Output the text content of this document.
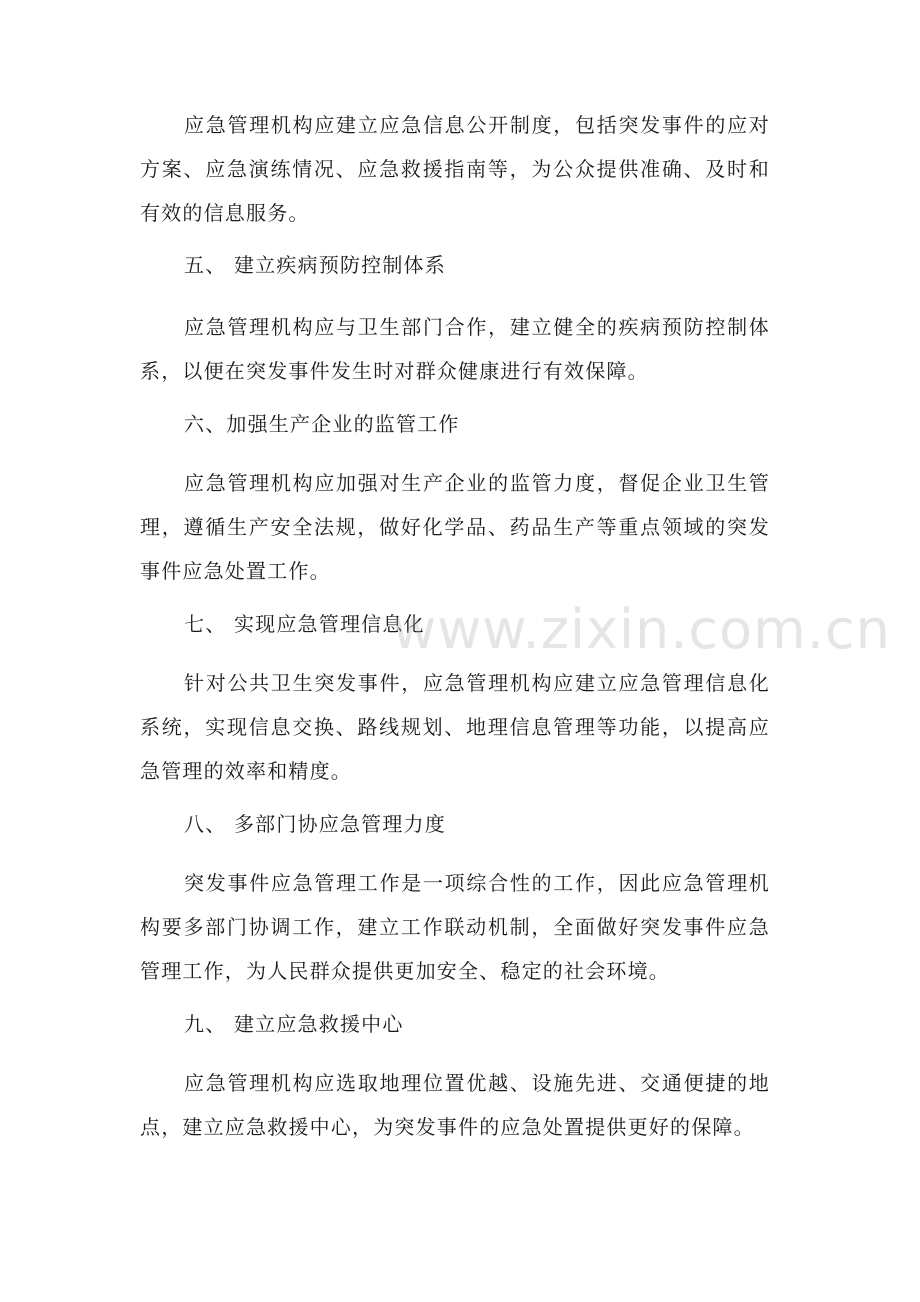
应急管理机构应建立应急信息公开制度，包括突发事件的应对方案、应急演练情况、应急救援指南等，为公众提供准确、及时和有效的信息服务。

五、 建立疾病预防控制体系

应急管理机构应与卫生部门合作，建立健全的疾病预防控制体系，以便在突发事件发生时对群众健康进行有效保障。

六、加强生产企业的监管工作

应急管理机构应加强对生产企业的监管力度，督促企业卫生管理，遵循生产安全法规，做好化学品、药品生产等重点领域的突发事件应急处置工作。

七、 实现应急管理信息化

针对公共卫生突发事件，应急管理机构应建立应急管理信息化系统，实现信息交换、路线规划、地理信息管理等功能，以提高应急管理的效率和精度。

八、 多部门协应急管理力度

突发事件应急管理工作是一项综合性的工作，因此应急管理机构要多部门协调工作，建立工作联动机制，全面做好突发事件应急管理工作，为人民群众提供更加安全、稳定的社会环境。

九、 建立应急救援中心

应急管理机构应选取地理位置优越、设施先进、交通便捷的地点，建立应急救援中心，为突发事件的应急处置提供更好的保障。

www.zixin.com.cn
